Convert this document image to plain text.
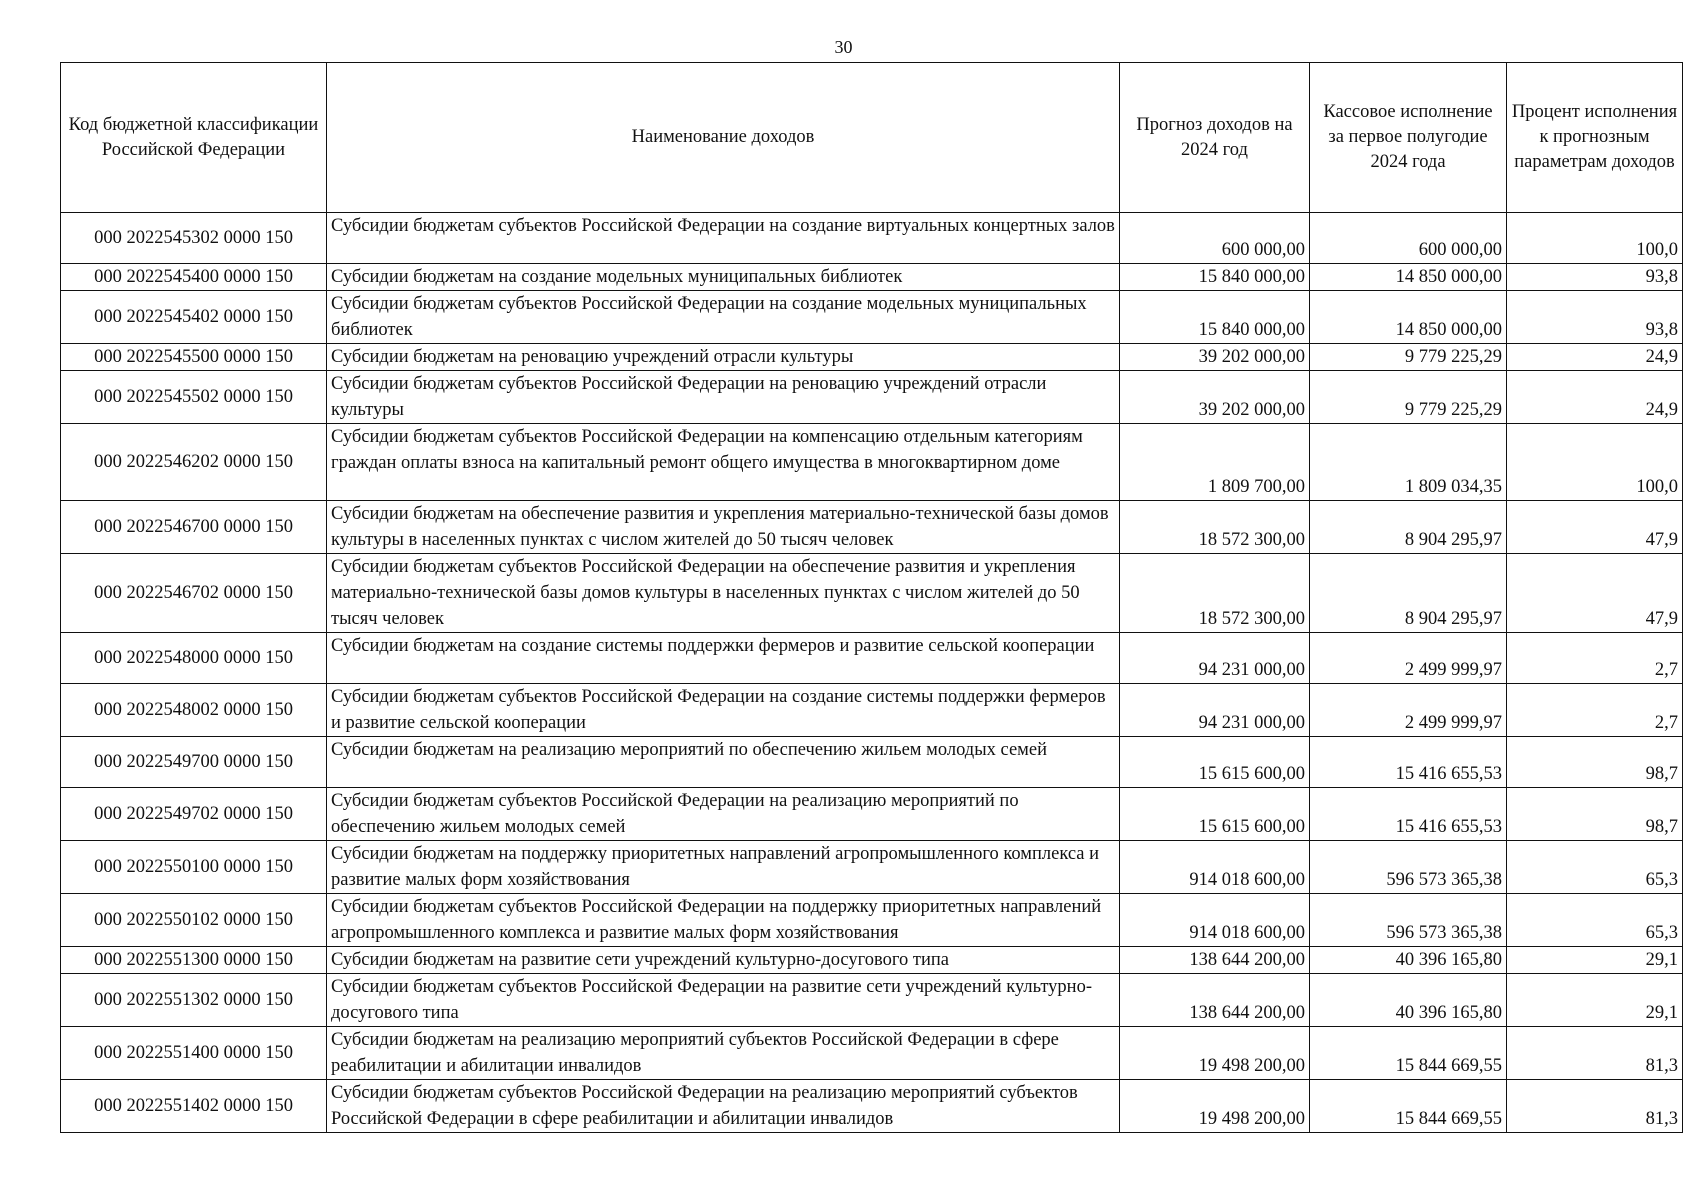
30
Код бюджетной классификации Российской Федерации	Наименование доходов	Прогноз доходов на 2024 год	Кассовое исполнение за первое полугодие 2024 года	Процент исполнения к прогнозным параметрам доходов
000 2022545302 0000 150	Субсидии бюджетам субъектов Российской Федерации на создание виртуальных концертных залов	600 000,00	600 000,00	100,0
000 2022545400 0000 150	Субсидии бюджетам на создание модельных муниципальных библиотек	15 840 000,00	14 850 000,00	93,8
000 2022545402 0000 150	Субсидии бюджетам субъектов Российской Федерации на создание модельных муниципальных библиотек	15 840 000,00	14 850 000,00	93,8
000 2022545500 0000 150	Субсидии бюджетам на реновацию учреждений отрасли культуры	39 202 000,00	9 779 225,29	24,9
000 2022545502 0000 150	Субсидии бюджетам субъектов Российской Федерации на реновацию учреждений отрасли культуры	39 202 000,00	9 779 225,29	24,9
000 2022546202 0000 150	Субсидии бюджетам субъектов Российской Федерации на компенсацию отдельным категориям граждан оплаты взноса на капитальный ремонт общего имущества в многоквартирном доме	1 809 700,00	1 809 034,35	100,0
000 2022546700 0000 150	Субсидии бюджетам на обеспечение развития и укрепления материально-технической базы домов культуры в населенных пунктах с числом жителей до 50 тысяч человек	18 572 300,00	8 904 295,97	47,9
000 2022546702 0000 150	Субсидии бюджетам субъектов Российской Федерации на обеспечение развития и укрепления материально-технической базы домов культуры в населенных пунктах с числом жителей до 50 тысяч человек	18 572 300,00	8 904 295,97	47,9
000 2022548000 0000 150	Субсидии бюджетам на создание системы поддержки фермеров и развитие сельской кооперации	94 231 000,00	2 499 999,97	2,7
000 2022548002 0000 150	Субсидии бюджетам субъектов Российской Федерации на создание системы поддержки фермеров и развитие сельской кооперации	94 231 000,00	2 499 999,97	2,7
000 2022549700 0000 150	Субсидии бюджетам на реализацию мероприятий по обеспечению жильем молодых семей	15 615 600,00	15 416 655,53	98,7
000 2022549702 0000 150	Субсидии бюджетам субъектов Российской Федерации на реализацию мероприятий по обеспечению жильем молодых семей	15 615 600,00	15 416 655,53	98,7
000 2022550100 0000 150	Субсидии бюджетам на поддержку приоритетных направлений агропромышленного комплекса и развитие малых форм хозяйствования	914 018 600,00	596 573 365,38	65,3
000 2022550102 0000 150	Субсидии бюджетам субъектов Российской Федерации на поддержку приоритетных направлений агропромышленного комплекса и развитие малых форм хозяйствования	914 018 600,00	596 573 365,38	65,3
000 2022551300 0000 150	Субсидии бюджетам на развитие сети учреждений культурно-досугового типа	138 644 200,00	40 396 165,80	29,1
000 2022551302 0000 150	Субсидии бюджетам субъектов Российской Федерации на развитие сети учреждений культурно-досугового типа	138 644 200,00	40 396 165,80	29,1
000 2022551400 0000 150	Субсидии бюджетам на реализацию мероприятий субъектов Российской Федерации в сфере реабилитации и абилитации инвалидов	19 498 200,00	15 844 669,55	81,3
000 2022551402 0000 150	Субсидии бюджетам субъектов Российской Федерации на реализацию мероприятий субъектов Российской Федерации в сфере реабилитации и абилитации инвалидов	19 498 200,00	15 844 669,55	81,3
